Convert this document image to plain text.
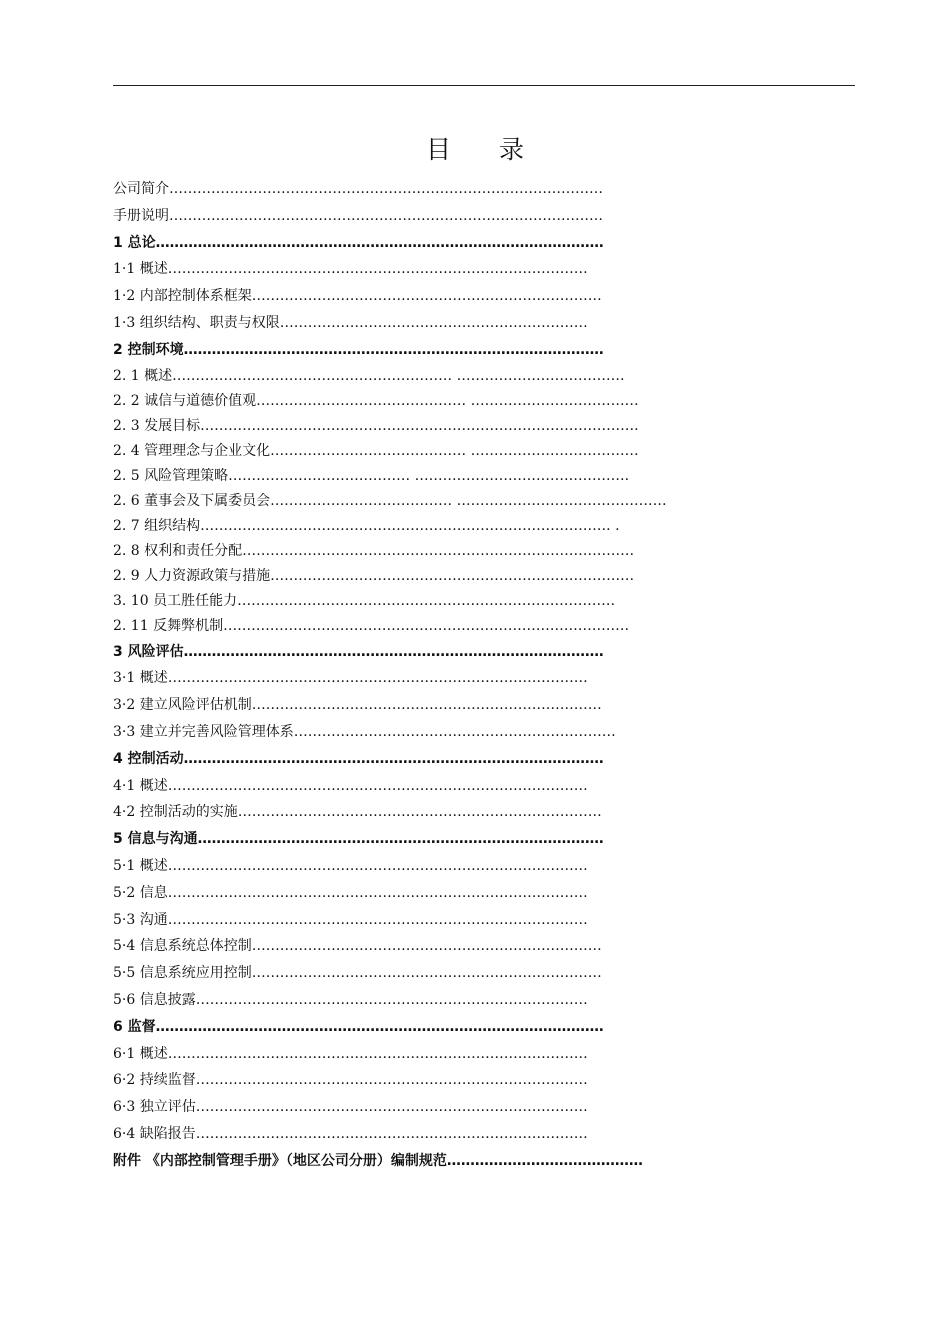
目 录
公司简介…………………………………………………………………………………
手册说明…………………………………………………………………………………
1 总论……………………………………………………………………………………
1·1 概述………………………………………………………………………………
1·2 内部控制体系框架…………………………………………………………………
1·3 组织结构、职责与权限…………………………………………………………
2 控制环境………………………………………………………………………………
2. 1 概述…………………………………………………… ………………………………
2. 2 诚信与道德价值观……………………………………… ………………………………
2. 3 发展目标………………………………………………………………………………….
2. 4 管理理念与企业文化…………………………………… ………………………………
2. 5 风险管理策略………………………………… ……………………………………….
2. 6 董事会及下属委员会………………………………… ………………………………………
2. 7 组织结构……………………………………………………………………………. .
2. 8 权利和责任分配…………………………………………………………………………
2. 9 人力资源政策与措施……………………………………………………………………
3. 10 员工胜任能力………………………………………………………………………
2. 11 反舞弊机制……………………………………………………………………………
3 风险评估………………………………………………………………………………
3·1 概述………………………………………………………………………………
3·2 建立风险评估机制…………………………………………………………………
3·3 建立并完善风险管理体系……………………………………………………………
4 控制活动………………………………………………………………………………
4·1 概述………………………………………………………………………………
4·2 控制活动的实施……………………………………………………………………
5 信息与沟通……………………………………………………………………………
5·1 概述………………………………………………………………………………
5·2 信息………………………………………………………………………………
5·3 沟通………………………………………………………………………………
5·4 信息系统总体控制…………………………………………………………………
5·5 信息系统应用控制…………………………………………………………………
5·6 信息披露…………………………………………………………………………
6 监督……………………………………………………………………………………
6·1 概述………………………………………………………………………………
6·2 持续监督…………………………………………………………………………
6·3 独立评估…………………………………………………………………………
6·4 缺陷报告…………………………………………………………………………
附件 《内部控制管理手册》（地区公司分册）编制规范……………………………………
